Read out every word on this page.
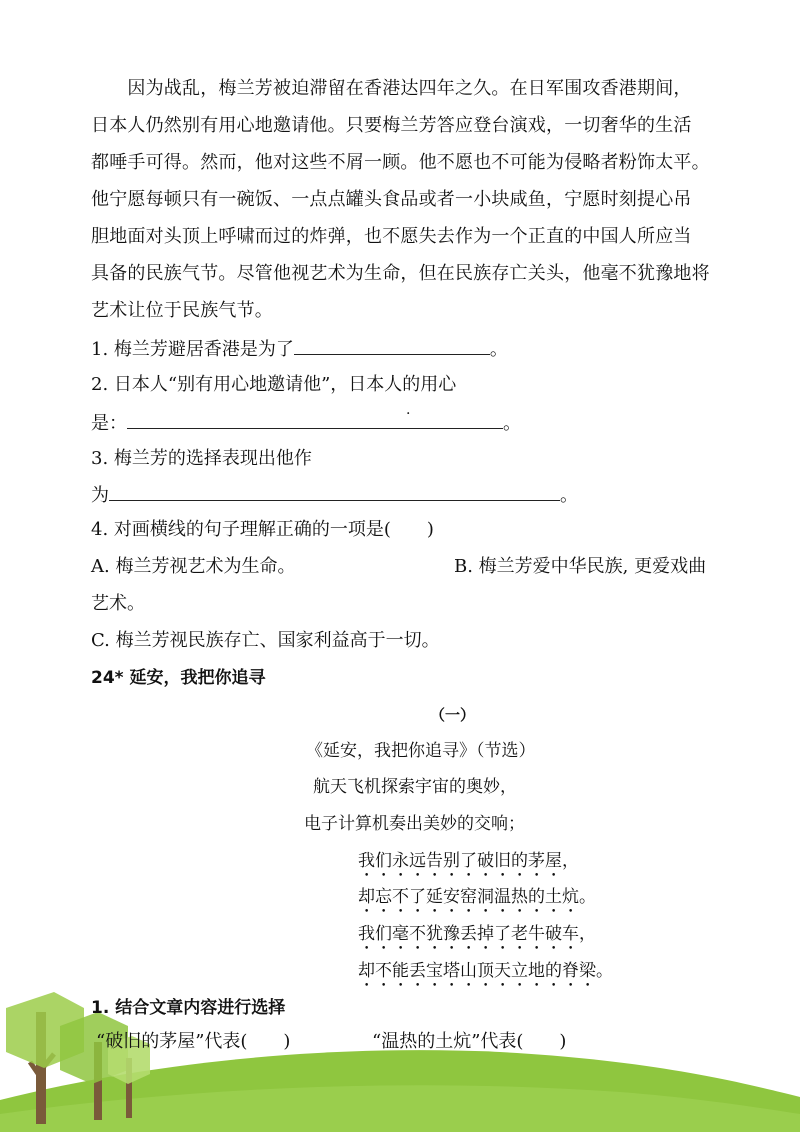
　　因为战乱，梅兰芳被迫滞留在香港达四年之久。在日军围攻香港期间，
日本人仍然别有用心地邀请他。只要梅兰芳答应登台演戏，一切奢华的生活
都唾手可得。然而，他对这些不屑一顾。他不愿也不可能为侵略者粉饰太平。
他宁愿每顿只有一碗饭、一点点罐头食品或者一小块咸鱼，宁愿时刻提心吊
胆地面对头顶上呼啸而过的炸弹，也不愿失去作为一个正直的中国人所应当
具备的民族气节。尽管他视艺术为生命，但在民族存亡关头，他毫不犹豫地将
艺术让位于民族气节。
1. 梅兰芳避居香港是为了	。
2. 日本人“别有用心地邀请他”，日本人的用心
是：	。
.
3. 梅兰芳的选择表现出他作
为	。
4. 对画横线的句子理解正确的一项是(　　)
A. 梅兰芳视艺术为生命。	B. 梅兰芳爱中华民族, 更爱戏曲
艺术。
C. 梅兰芳视民族存亡、国家利益高于一切。
24* 延安，我把你追寻
（一）
《延安，我把你追寻》（节选）
航天飞机探索宇宙的奥妙，
电子计算机奏出美妙的交响；
我们永远告别了破旧的茅屋，
却忘不了延安窑洞温热的土炕。
我们毫不犹豫丢掉了老牛破车，
却不能丢宝塔山顶天立地的脊梁。
1. 结合文章内容进行选择
“破旧的茅屋”代表(　　)	“温热的土炕”代表(　　)
